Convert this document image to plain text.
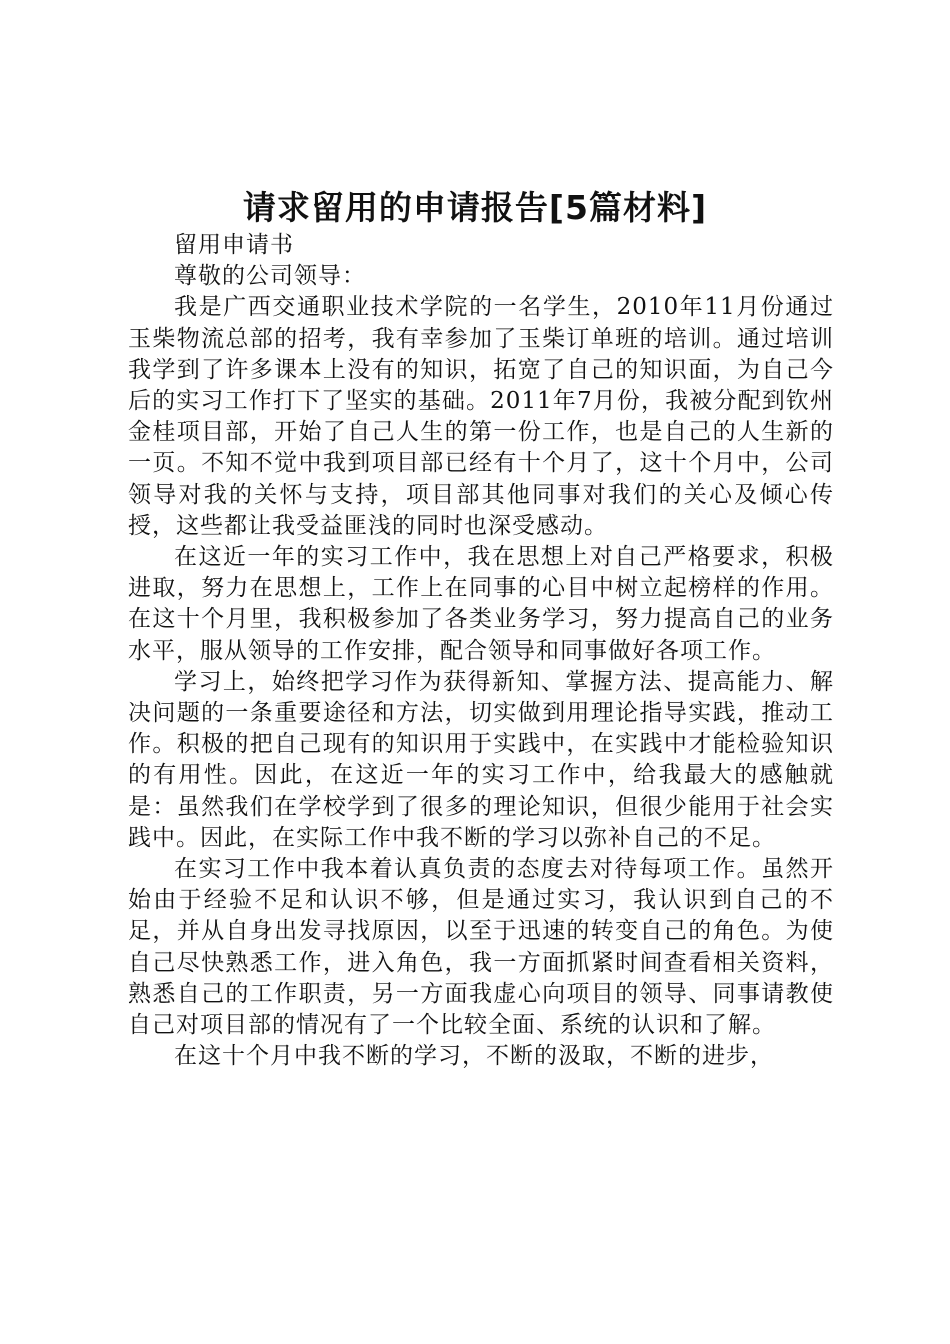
请求留用的申请报告[5篇材料]

留用申请书

尊敬的公司领导：

我是广西交通职业技术学院的一名学生，2010年11月份通过玉柴物流总部的招考，我有幸参加了玉柴订单班的培训。通过培训我学到了许多课本上没有的知识，拓宽了自己的知识面，为自己今后的实习工作打下了坚实的基础。2011年7月份，我被分配到钦州金桂项目部，开始了自己人生的第一份工作，也是自己的人生新的一页。不知不觉中我到项目部已经有十个月了，这十个月中，公司领导对我的关怀与支持，项目部其他同事对我们的关心及倾心传授，这些都让我受益匪浅的同时也深受感动。

在这近一年的实习工作中，我在思想上对自己严格要求，积极进取，努力在思想上，工作上在同事的心目中树立起榜样的作用。在这十个月里，我积极参加了各类业务学习，努力提高自己的业务水平，服从领导的工作安排，配合领导和同事做好各项工作。

学习上，始终把学习作为获得新知、掌握方法、提高能力、解决问题的一条重要途径和方法，切实做到用理论指导实践，推动工作。积极的把自己现有的知识用于实践中，在实践中才能检验知识的有用性。因此，在这近一年的实习工作中，给我最大的感触就是：虽然我们在学校学到了很多的理论知识，但很少能用于社会实践中。因此，在实际工作中我不断的学习以弥补自己的不足。

在实习工作中我本着认真负责的态度去对待每项工作。虽然开始由于经验不足和认识不够，但是通过实习，我认识到自己的不足，并从自身出发寻找原因，以至于迅速的转变自己的角色。为使自己尽快熟悉工作，进入角色，我一方面抓紧时间查看相关资料，熟悉自己的工作职责，另一方面我虚心向项目的领导、同事请教使自己对项目部的情况有了一个比较全面、系统的认识和了解。

在这十个月中我不断的学习，不断的汲取，不断的进步，
